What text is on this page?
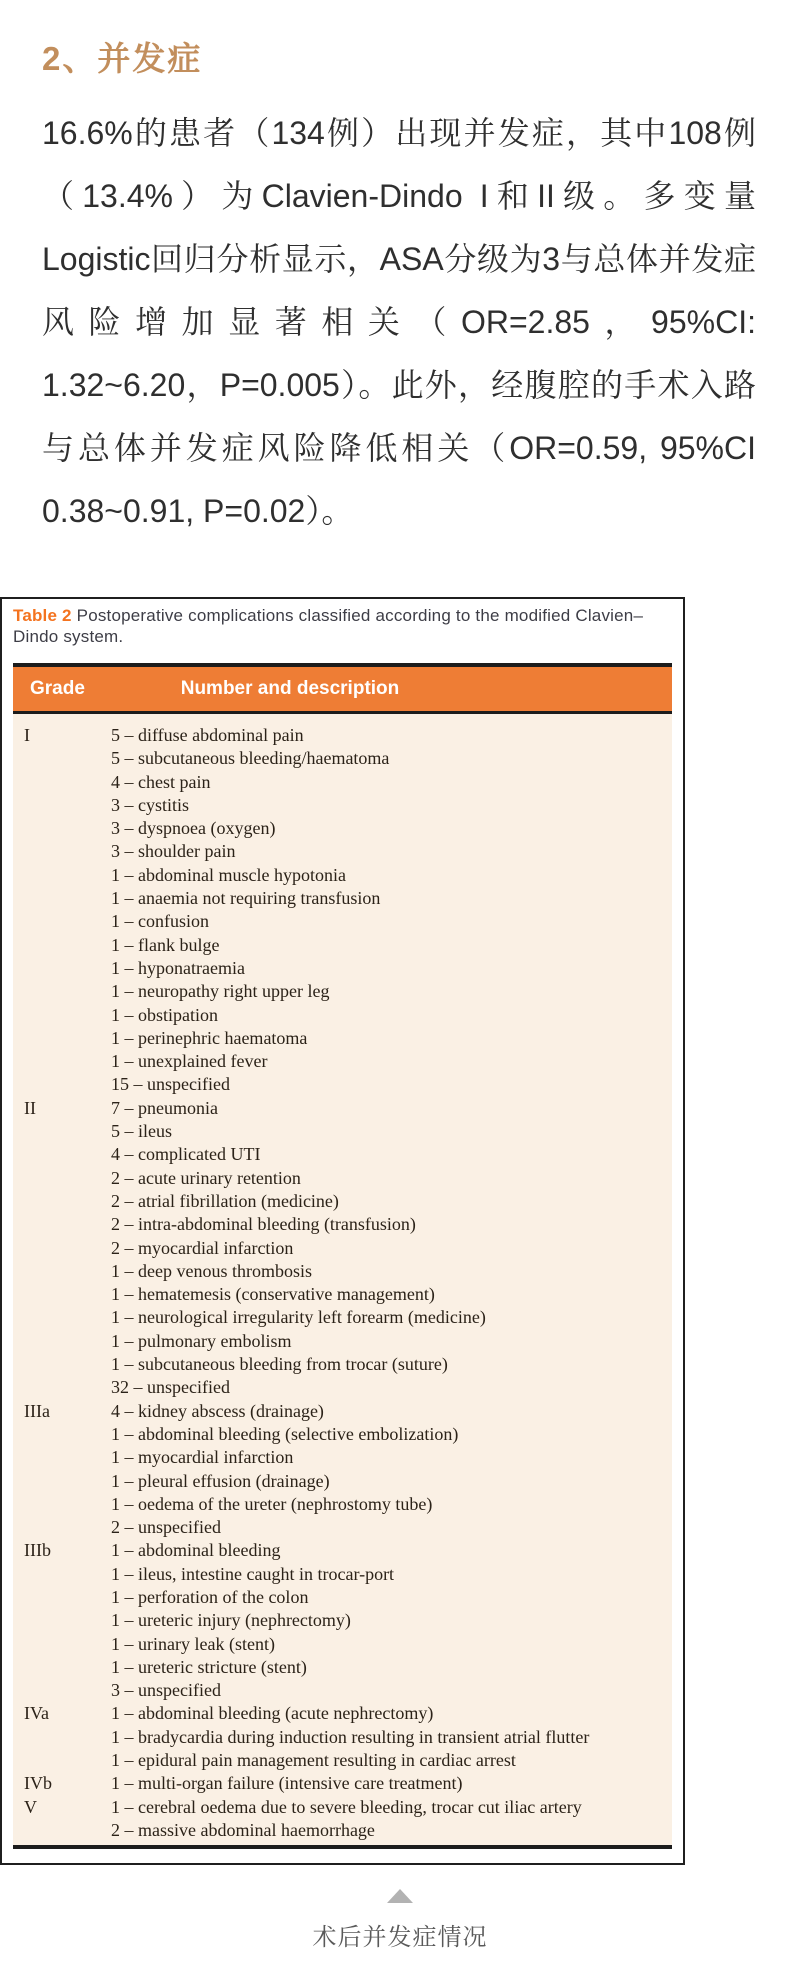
2、并发症

16.6%的患者（134例）出现并发症，其中108例（13.4%）为Clavien-Dindo I和II级。多变量Logistic回归分析显示，ASA分级为3与总体并发症风险增加显著相关（OR=2.85，95%CI: 1.32~6.20，P=0.005）。此外，经腹腔的手术入路与总体并发症风险降低相关（OR=0.59, 95%CI 0.38~0.91, P=0.02）。

Table 2 Postoperative complications classified according to the modified Clavien–Dindo system.
Grade	Number and description
I	5 – diffuse abdominal pain
5 – subcutaneous bleeding/haematoma
4 – chest pain
3 – cystitis
3 – dyspnoea (oxygen)
3 – shoulder pain
1 – abdominal muscle hypotonia
1 – anaemia not requiring transfusion
1 – confusion
1 – flank bulge
1 – hyponatraemia
1 – neuropathy right upper leg
1 – obstipation
1 – perinephric haematoma
1 – unexplained fever
15 – unspecified
II	7 – pneumonia
5 – ileus
4 – complicated UTI
2 – acute urinary retention
2 – atrial fibrillation (medicine)
2 – intra-abdominal bleeding (transfusion)
2 – myocardial infarction
1 – deep venous thrombosis
1 – hematemesis (conservative management)
1 – neurological irregularity left forearm (medicine)
1 – pulmonary embolism
1 – subcutaneous bleeding from trocar (suture)
32 – unspecified
IIIa	4 – kidney abscess (drainage)
1 – abdominal bleeding (selective embolization)
1 – myocardial infarction
1 – pleural effusion (drainage)
1 – oedema of the ureter (nephrostomy tube)
2 – unspecified
IIIb	1 – abdominal bleeding
1 – ileus, intestine caught in trocar-port
1 – perforation of the colon
1 – ureteric injury (nephrectomy)
1 – urinary leak (stent)
1 – ureteric stricture (stent)
3 – unspecified
IVa	1 – abdominal bleeding (acute nephrectomy)
1 – bradycardia during induction resulting in transient atrial flutter
1 – epidural pain management resulting in cardiac arrest
IVb	1 – multi-organ failure (intensive care treatment)
V	1 – cerebral oedema due to severe bleeding, trocar cut iliac artery
2 – massive abdominal haemorrhage
术后并发症情况
